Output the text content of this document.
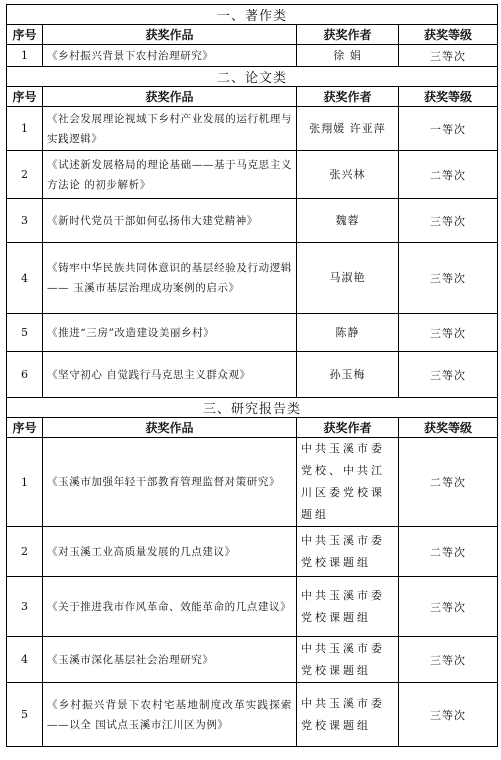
一、著作类			
序号	获奖作品	获奖作者	获奖等级
1	《乡村振兴背景下农村治理研究》	徐 娟	三等次
二、论文类			
序号	获奖作品	获奖作者	获奖等级
1	《社会发展理论视域下乡村产业发展的运行机理与实践逻辑》	张翔媛 许亚萍	一等次
2	《试述新发展格局的理论基础——基于马克思主义方法论 的初步解析》	张兴林	二等次
3	《新时代党员干部如何弘扬伟大建党精神》	魏蓉	三等次
4	《铸牢中华民族共同体意识的基层经验及行动逻辑—— 玉溪市基层治理成功案例的启示》	马淑艳	三等次
5	《推进“三房”改造建设美丽乡村》	陈静	三等次
6	《坚守初心 自觉践行马克思主义群众观》	孙玉梅	三等次
三、研究报告类			
序号	获奖作品	获奖作者	获奖等级
1	《玉溪市加强年轻干部教育管理监督对策研究》	中共玉溪市委党校、中共江川区委党校课题组	二等次
2	《对玉溪工业高质量发展的几点建议》	中共玉溪市委党校课题组	二等次
3	《关于推进我市作风革命、效能革命的几点建议》	中共玉溪市委党校课题组	三等次
4	《玉溪市深化基层社会治理研究》	中共玉溪市委党校课题组	三等次
5	《乡村振兴背景下农村宅基地制度改革实践探索——以全 国试点玉溪市江川区为例》	中共玉溪市委党校课题组	三等次
